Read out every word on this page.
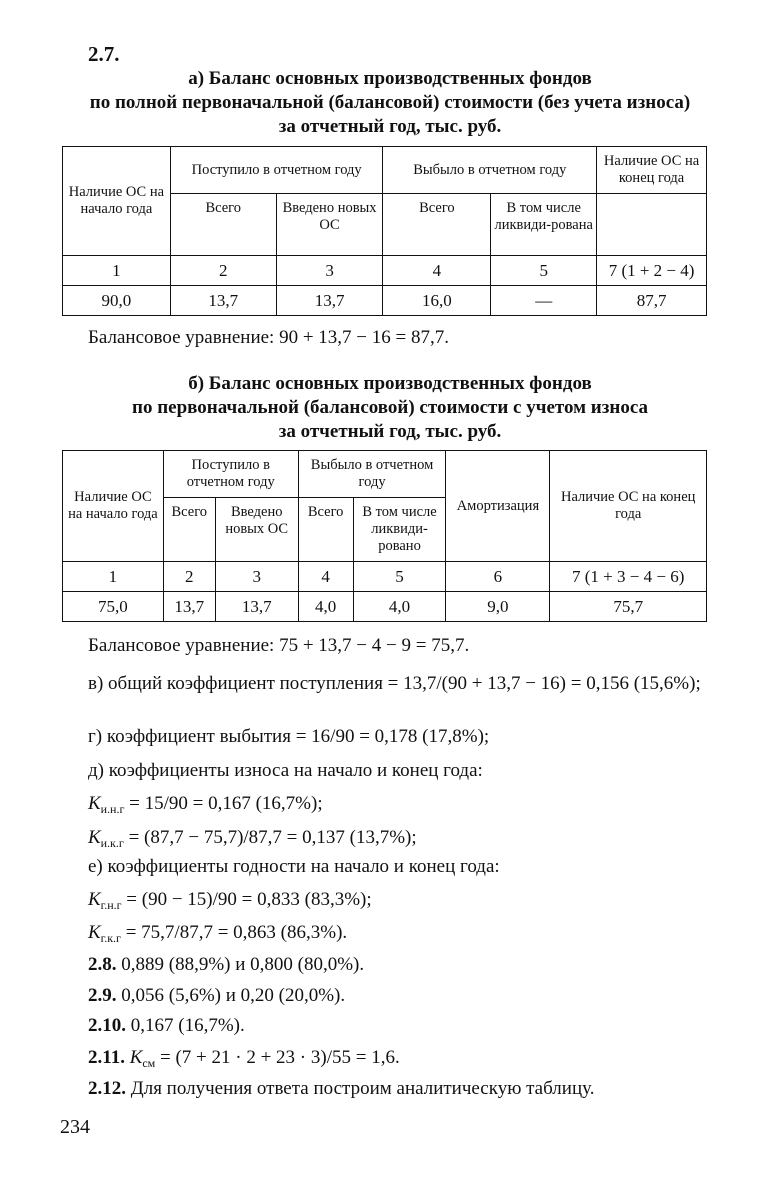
2.7.
а) Баланс основных производственных фондов
по полной первоначальной (балансовой) стоимости (без учета износа)
за отчетный год, тыс. руб.
Наличие ОС на начало года	Поступило в отчетном году		Выбыло в отчетном году		Наличие ОС на конец года
	Всего	Введено новых ОС	Всего	В том числе ликвиди-рована	
1	2	3	4	5	7 (1 + 2 − 4)
90,0	13,7	13,7	16,0	—	87,7
Балансовое уравнение: 90 + 13,7 − 16 = 87,7.
б) Баланс основных производственных фондов
по первоначальной (балансовой) стоимости с учетом износа
за отчетный год, тыс. руб.
Наличие ОС на начало года	Поступило в отчетном году		Выбыло в отчетном году		Амортизация	Наличие ОС на конец года
	Всего	Введено новых ОС	Всего	В том числе ликвиди-ровано		
1	2	3	4	5	6	7 (1 + 3 − 4 − 6)
75,0	13,7	13,7	4,0	4,0	9,0	75,7
Балансовое уравнение: 75 + 13,7 − 4 − 9 = 75,7.
в) общий коэффициент поступления = 13,7/(90 + 13,7 − 16) = 0,156 (15,6%);
г) коэффициент выбытия = 16/90 = 0,178 (17,8%);
д) коэффициенты износа на начало и конец года:
$К_{и.н.г} = 15/90 = 0,167$ (16,7%);
$К_{и.к.г} = (87,7 - 75,7)/87,7 = 0,137$ (13,7%);
е) коэффициенты годности на начало и конец года:
$К_{г.н.г} = (90 - 15)/90 = 0,833$ (83,3%);
$К_{г.к.г} = 75,7/87,7 = 0,863$ (86,3%).
2.8. 0,889 (88,9%) и 0,800 (80,0%).
2.9. 0,056 (5,6%) и 0,20 (20,0%).
2.10. 0,167 (16,7%).
2.11. $К_{см} = (7 + 21 \cdot 2 + 23 \cdot 3)/55 = 1,6$.
2.12. Для получения ответа построим аналитическую таблицу.
234
